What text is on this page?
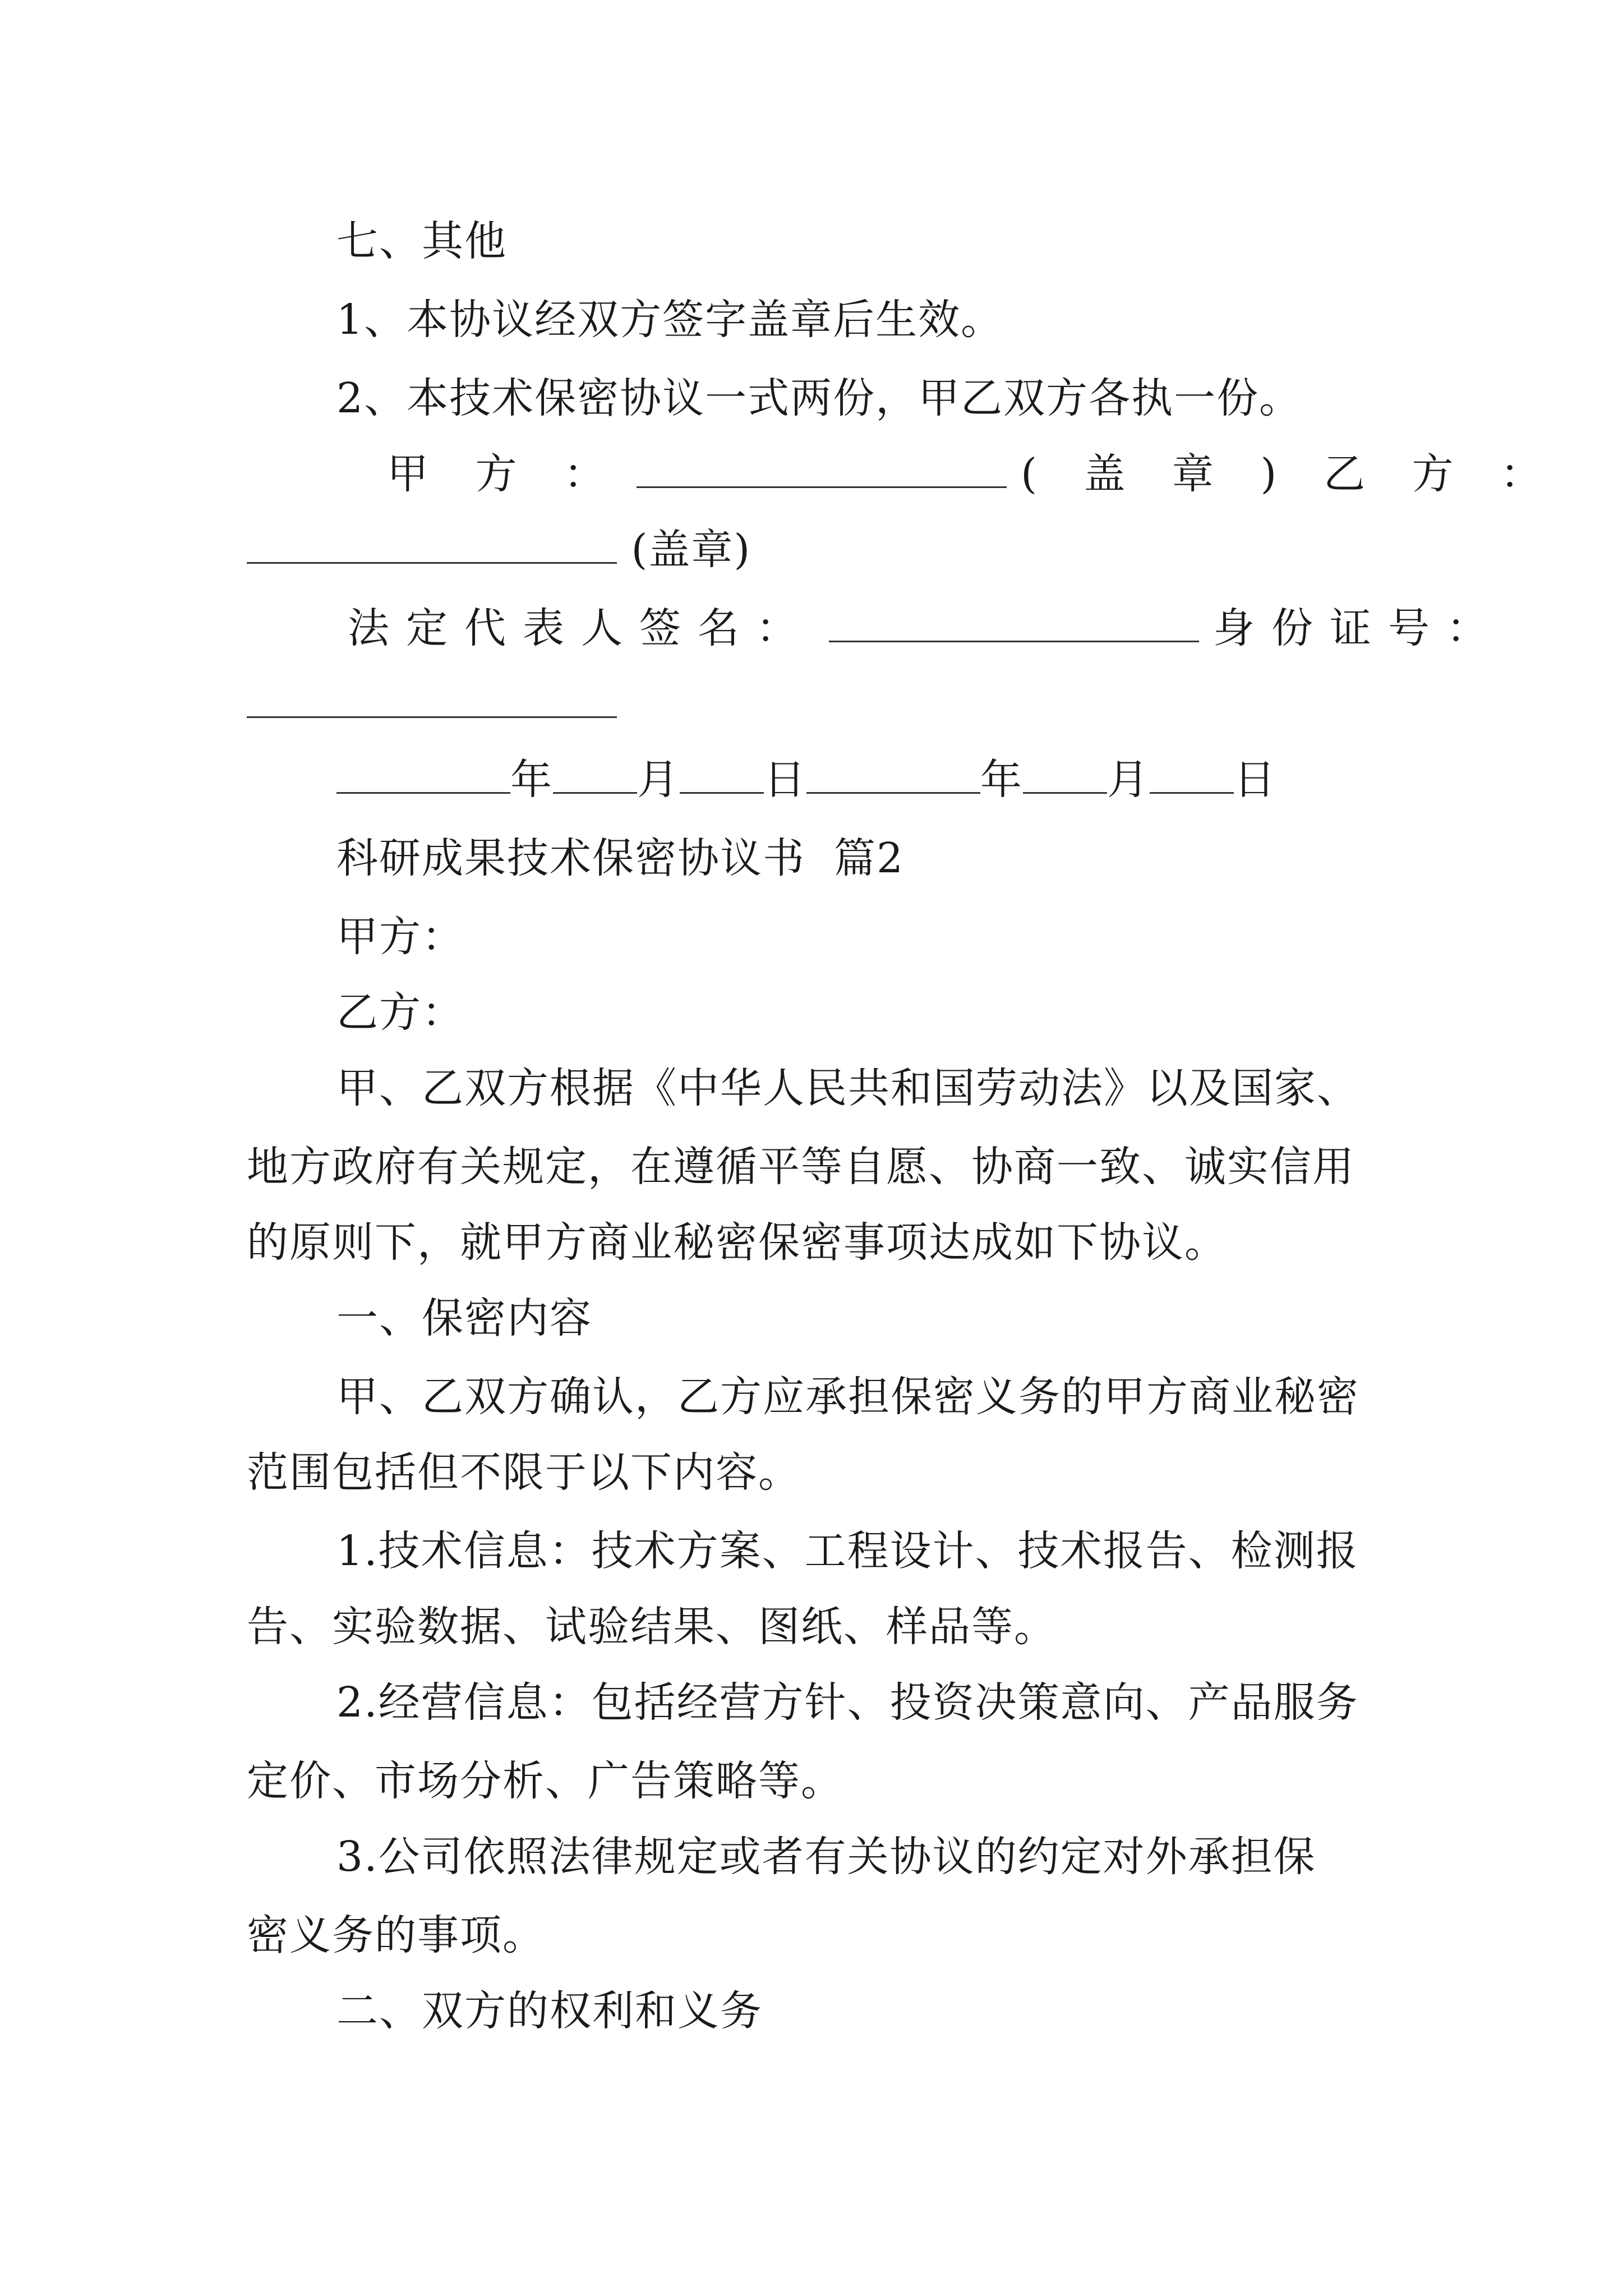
七、其他
1、本协议经双方签字盖章后生效。
2、本技术保密协议一式两份，甲乙双方各执一份。
甲 方 ：	( 盖 章 ) 乙 方 ：
(盖章)
法定代表人签名：	身份证号：
年 月 日	年 月 日
科研成果技术保密协议书  篇2
甲方：
乙方：
甲、乙双方根据《中华人民共和国劳动法》以及国家、
地方政府有关规定，在遵循平等自愿、协商一致、诚实信用
的原则下，就甲方商业秘密保密事项达成如下协议。
一、保密内容
甲、乙双方确认，乙方应承担保密义务的甲方商业秘密
范围包括但不限于以下内容。
1.技术信息：技术方案、工程设计、技术报告、检测报
告、实验数据、试验结果、图纸、样品等。
2.经营信息：包括经营方针、投资决策意向、产品服务
定价、市场分析、广告策略等。
3.公司依照法律规定或者有关协议的约定对外承担保
密义务的事项。
二、双方的权利和义务
